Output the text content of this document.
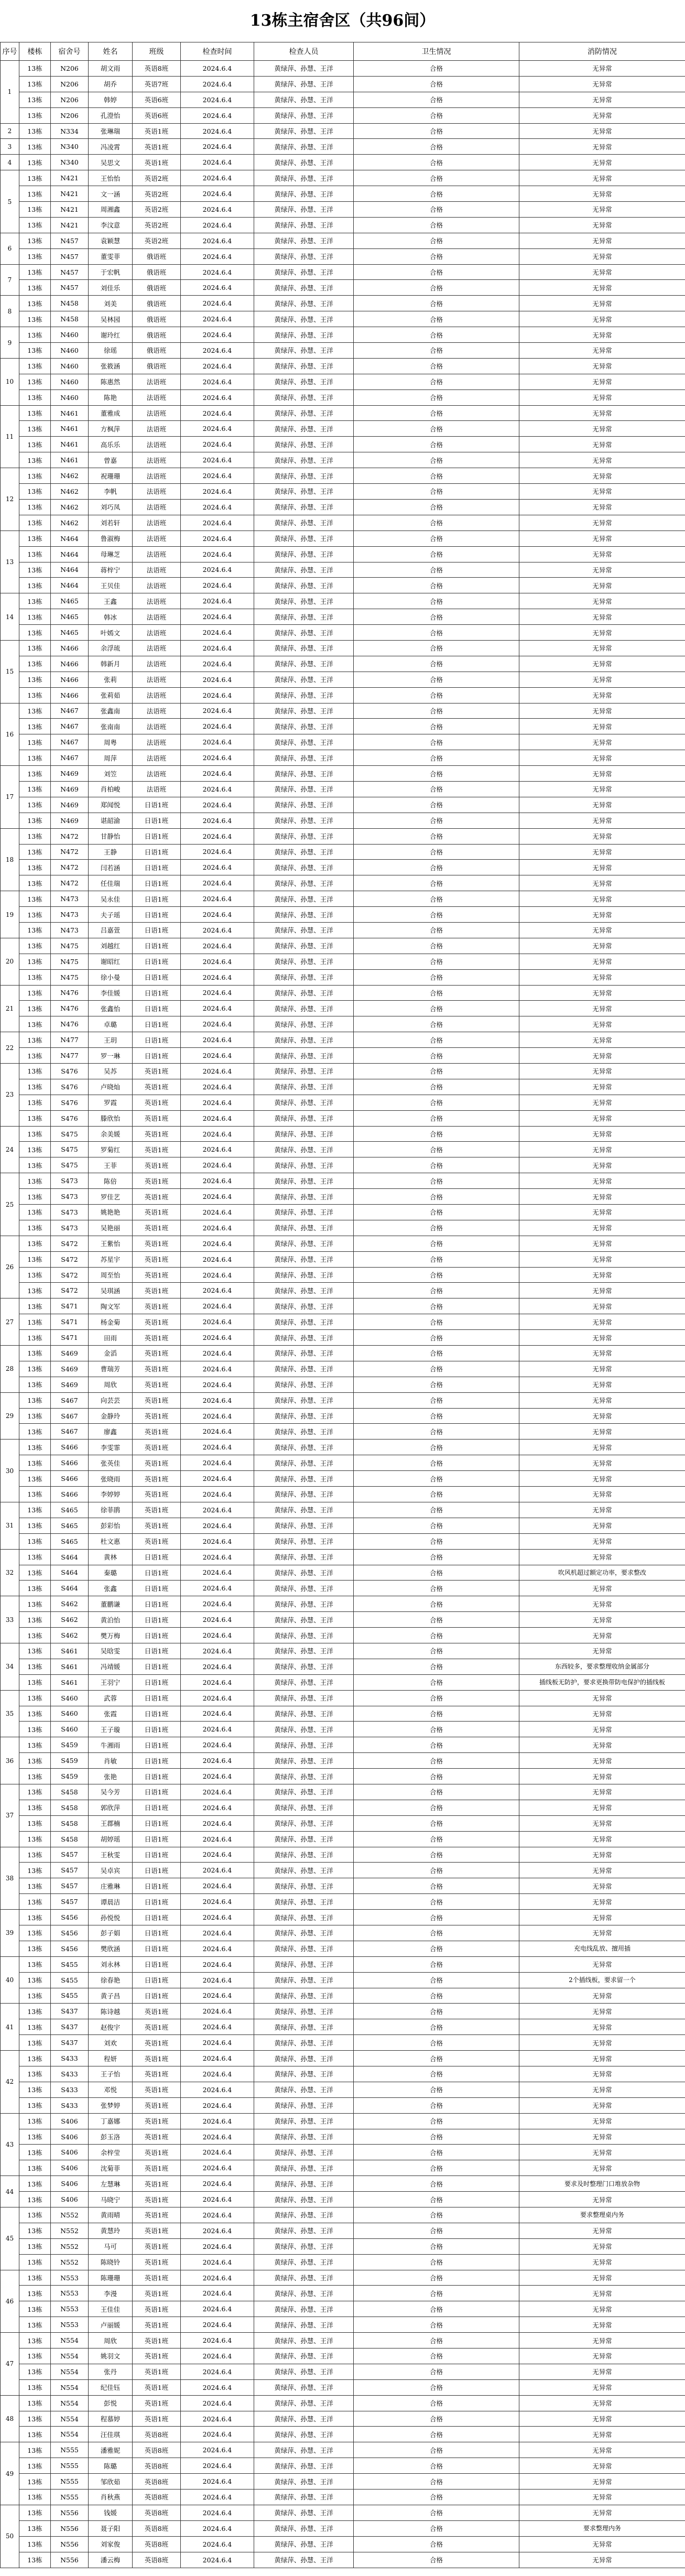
13栋主宿舍区（共96间）
序号	楼栋	宿舍号	姓名	班级	检查时间	检查人员	卫生情况	消防情况
1	13栋	N206	胡文雨	英语8班	2024.6.4	黄绿萍、孙慧、王洋	合格	无异常
	13栋	N206	胡乔	英语7班	2024.6.4	黄绿萍、孙慧、王洋	合格	无异常
	13栋	N206	韩婷	英语6班	2024.6.4	黄绿萍、孙慧、王洋	合格	无异常
	13栋	N206	孔澄怡	英语6班	2024.6.4	黄绿萍、孙慧、王洋	合格	无异常
2	13栋	N334	张琳瑞	英语1班	2024.6.4	黄绿萍、孙慧、王洋	合格	无异常
3	13栋	N340	冯凌霄	英语1班	2024.6.4	黄绿萍、孙慧、王洋	合格	无异常
4	13栋	N340	吴思文	英语1班	2024.6.4	黄绿萍、孙慧、王洋	合格	无异常
5	13栋	N421	王怡怡	英语2班	2024.6.4	黄绿萍、孙慧、王洋	合格	无异常
	13栋	N421	文一涵	英语2班	2024.6.4	黄绿萍、孙慧、王洋	合格	无异常
	13栋	N421	周湘鑫	英语2班	2024.6.4	黄绿萍、孙慧、王洋	合格	无异常
	13栋	N421	李汶意	英语2班	2024.6.4	黄绿萍、孙慧、王洋	合格	无异常
6	13栋	N457	袁颖慧	英语2班	2024.6.4	黄绿萍、孙慧、王洋	合格	无异常
	13栋	N457	董雯菲	俄语班	2024.6.4	黄绿萍、孙慧、王洋	合格	无异常
7	13栋	N457	于宏帆	俄语班	2024.6.4	黄绿萍、孙慧、王洋	合格	无异常
	13栋	N457	刘佳乐	俄语班	2024.6.4	黄绿萍、孙慧、王洋	合格	无异常
8	13栋	N458	刘美	俄语班	2024.6.4	黄绿萍、孙慧、王洋	合格	无异常
	13栋	N458	吴林园	俄语班	2024.6.4	黄绿萍、孙慧、王洋	合格	无异常
9	13栋	N460	谢玲红	俄语班	2024.6.4	黄绿萍、孙慧、王洋	合格	无异常
	13栋	N460	徐瑶	俄语班	2024.6.4	黄绿萍、孙慧、王洋	合格	无异常
10	13栋	N460	张筱涵	俄语班	2024.6.4	黄绿萍、孙慧、王洋	合格	无异常
	13栋	N460	陈惠然	法语班	2024.6.4	黄绿萍、孙慧、王洋	合格	无异常
	13栋	N460	陈艳	法语班	2024.6.4	黄绿萍、孙慧、王洋	合格	无异常
11	13栋	N461	董雅成	法语班	2024.6.4	黄绿萍、孙慧、王洋	合格	无异常
	13栋	N461	方枫萍	法语班	2024.6.4	黄绿萍、孙慧、王洋	合格	无异常
	13栋	N461	高乐乐	法语班	2024.6.4	黄绿萍、孙慧、王洋	合格	无异常
	13栋	N461	曾嘉	法语班	2024.6.4	黄绿萍、孙慧、王洋	合格	无异常
12	13栋	N462	祝珊珊	法语班	2024.6.4	黄绿萍、孙慧、王洋	合格	无异常
	13栋	N462	李帆	法语班	2024.6.4	黄绿萍、孙慧、王洋	合格	无异常
	13栋	N462	刘巧凤	法语班	2024.6.4	黄绿萍、孙慧、王洋	合格	无异常
	13栋	N462	刘若轩	法语班	2024.6.4	黄绿萍、孙慧、王洋	合格	无异常
13	13栋	N464	鲁淑梅	法语班	2024.6.4	黄绿萍、孙慧、王洋	合格	无异常
	13栋	N464	母琳芝	法语班	2024.6.4	黄绿萍、孙慧、王洋	合格	无异常
	13栋	N464	蒋梓宁	法语班	2024.6.4	黄绿萍、孙慧、王洋	合格	无异常
	13栋	N464	王贝佳	法语班	2024.6.4	黄绿萍、孙慧、王洋	合格	无异常
14	13栋	N465	王鑫	法语班	2024.6.4	黄绿萍、孙慧、王洋	合格	无异常
	13栋	N465	韩冰	法语班	2024.6.4	黄绿萍、孙慧、王洋	合格	无异常
	13栋	N465	叶嫣文	法语班	2024.6.4	黄绿萍、孙慧、王洋	合格	无异常
15	13栋	N466	余浮琉	法语班	2024.6.4	黄绿萍、孙慧、王洋	合格	无异常
	13栋	N466	韩新月	法语班	2024.6.4	黄绿萍、孙慧、王洋	合格	无异常
	13栋	N466	张莉	法语班	2024.6.4	黄绿萍、孙慧、王洋	合格	无异常
	13栋	N466	张莉茹	法语班	2024.6.4	黄绿萍、孙慧、王洋	合格	无异常
16	13栋	N467	张鑫南	法语班	2024.6.4	黄绿萍、孙慧、王洋	合格	无异常
	13栋	N467	张南南	法语班	2024.6.4	黄绿萍、孙慧、王洋	合格	无异常
	13栋	N467	周粤	法语班	2024.6.4	黄绿萍、孙慧、王洋	合格	无异常
	13栋	N467	周萍	法语班	2024.6.4	黄绿萍、孙慧、王洋	合格	无异常
17	13栋	N469	刘笠	法语班	2024.6.4	黄绿萍、孙慧、王洋	合格	无异常
	13栋	N469	肖柏峻	法语班	2024.6.4	黄绿萍、孙慧、王洋	合格	无异常
	13栋	N469	郑闻悦	日语1班	2024.6.4	黄绿萍、孙慧、王洋	合格	无异常
	13栋	N469	谌韶渝	日语1班	2024.6.4	黄绿萍、孙慧、王洋	合格	无异常
18	13栋	N472	甘静怡	日语1班	2024.6.4	黄绿萍、孙慧、王洋	合格	无异常
	13栋	N472	王静	日语1班	2024.6.4	黄绿萍、孙慧、王洋	合格	无异常
	13栋	N472	闫若涵	日语1班	2024.6.4	黄绿萍、孙慧、王洋	合格	无异常
	13栋	N472	任佳瑞	日语1班	2024.6.4	黄绿萍、孙慧、王洋	合格	无异常
19	13栋	N473	吴永佳	日语1班	2024.6.4	黄绿萍、孙慧、王洋	合格	无异常
	13栋	N473	夫子瑶	日语1班	2024.6.4	黄绿萍、孙慧、王洋	合格	无异常
	13栋	N473	吕嘉萱	日语1班	2024.6.4	黄绿萍、孙慧、王洋	合格	无异常
20	13栋	N475	刘越红	日语1班	2024.6.4	黄绿萍、孙慧、王洋	合格	无异常
	13栋	N475	谢昭红	日语1班	2024.6.4	黄绿萍、孙慧、王洋	合格	无异常
	13栋	N475	徐小曼	日语1班	2024.6.4	黄绿萍、孙慧、王洋	合格	无异常
21	13栋	N476	李佳媛	日语1班	2024.6.4	黄绿萍、孙慧、王洋	合格	无异常
	13栋	N476	张鑫怡	日语1班	2024.6.4	黄绿萍、孙慧、王洋	合格	无异常
	13栋	N476	卓璐	日语1班	2024.6.4	黄绿萍、孙慧、王洋	合格	无异常
22	13栋	N477	王玥	日语1班	2024.6.4	黄绿萍、孙慧、王洋	合格	无异常
	13栋	N477	罗一琳	日语1班	2024.6.4	黄绿萍、孙慧、王洋	合格	无异常
23	13栋	S476	吴苏	英语1班	2024.6.4	黄绿萍、孙慧、王洋	合格	无异常
	13栋	S476	卢晓灿	英语1班	2024.6.4	黄绿萍、孙慧、王洋	合格	无异常
	13栋	S476	罗霞	英语1班	2024.6.4	黄绿萍、孙慧、王洋	合格	无异常
	13栋	S476	滕欣怡	英语1班	2024.6.4	黄绿萍、孙慧、王洋	合格	无异常
24	13栋	S475	余美媛	英语1班	2024.6.4	黄绿萍、孙慧、王洋	合格	无异常
	13栋	S475	罗菊红	英语1班	2024.6.4	黄绿萍、孙慧、王洋	合格	无异常
	13栋	S475	王菲	英语1班	2024.6.4	黄绿萍、孙慧、王洋	合格	无异常
25	13栋	S473	陈倍	英语1班	2024.6.4	黄绿萍、孙慧、王洋	合格	无异常
	13栋	S473	罗佳艺	英语1班	2024.6.4	黄绿萍、孙慧、王洋	合格	无异常
	13栋	S473	姚艳艳	英语1班	2024.6.4	黄绿萍、孙慧、王洋	合格	无异常
	13栋	S473	吴艳丽	英语1班	2024.6.4	黄绿萍、孙慧、王洋	合格	无异常
26	13栋	S472	王紫怡	英语1班	2024.6.4	黄绿萍、孙慧、王洋	合格	无异常
	13栋	S472	苏星宇	英语1班	2024.6.4	黄绿萍、孙慧、王洋	合格	无异常
	13栋	S472	周至怡	英语1班	2024.6.4	黄绿萍、孙慧、王洋	合格	无异常
	13栋	S472	吴琪涵	英语1班	2024.6.4	黄绿萍、孙慧、王洋	合格	无异常
27	13栋	S471	陶文军	英语1班	2024.6.4	黄绿萍、孙慧、王洋	合格	无异常
	13栋	S471	杨金菊	英语1班	2024.6.4	黄绿萍、孙慧、王洋	合格	无异常
	13栋	S471	田雨	英语1班	2024.6.4	黄绿萍、孙慧、王洋	合格	无异常
28	13栋	S469	金滔	英语1班	2024.6.4	黄绿萍、孙慧、王洋	合格	无异常
	13栋	S469	曹瑞芳	英语1班	2024.6.4	黄绿萍、孙慧、王洋	合格	无异常
	13栋	S469	周欣	英语1班	2024.6.4	黄绿萍、孙慧、王洋	合格	无异常
29	13栋	S467	向芸芸	英语1班	2024.6.4	黄绿萍、孙慧、王洋	合格	无异常
	13栋	S467	金静玲	英语1班	2024.6.4	黄绿萍、孙慧、王洋	合格	无异常
	13栋	S467	廖鑫	英语1班	2024.6.4	黄绿萍、孙慧、王洋	合格	无异常
30	13栋	S466	李雯霏	英语1班	2024.6.4	黄绿萍、孙慧、王洋	合格	无异常
	13栋	S466	张英佳	英语1班	2024.6.4	黄绿萍、孙慧、王洋	合格	无异常
	13栋	S466	张晓雨	英语1班	2024.6.4	黄绿萍、孙慧、王洋	合格	无异常
	13栋	S466	李婷婷	英语1班	2024.6.4	黄绿萍、孙慧、王洋	合格	无异常
31	13栋	S465	徐菲鹃	英语1班	2024.6.4	黄绿萍、孙慧、王洋	合格	无异常
	13栋	S465	彭彩怡	英语1班	2024.6.4	黄绿萍、孙慧、王洋	合格	无异常
	13栋	S465	杜文惠	英语1班	2024.6.4	黄绿萍、孙慧、王洋	合格	无异常
32	13栋	S464	黄林	日语1班	2024.6.4	黄绿萍、孙慧、王洋	合格	无异常
	13栋	S464	秦璐	日语1班	2024.6.4	黄绿萍、孙慧、王洋	合格	吹风机超过额定功率，要求整改
	13栋	S464	张鑫	日语1班	2024.6.4	黄绿萍、孙慧、王洋	合格	无异常
33	13栋	S462	董鹏谦	日语1班	2024.6.4	黄绿萍、孙慧、王洋	合格	无异常
	13栋	S462	黄泊怡	日语1班	2024.6.4	黄绿萍、孙慧、王洋	合格	无异常
	13栋	S462	樊万梅	日语1班	2024.6.4	黄绿萍、孙慧、王洋	合格	无异常
34	13栋	S461	吴晗雯	日语1班	2024.6.4	黄绿萍、孙慧、王洋	合格	无异常
	13栋	S461	冯靖媛	日语1班	2024.6.4	黄绿萍、孙慧、王洋	合格	东西较多，要求整理收纳金属部分
	13栋	S461	王羽宁	日语1班	2024.6.4	黄绿萍、孙慧、王洋	合格	插线板无防护，要求更换带防电保护的插线板
35	13栋	S460	武蓉	日语1班	2024.6.4	黄绿萍、孙慧、王洋	合格	无异常
	13栋	S460	张霞	日语1班	2024.6.4	黄绿萍、孙慧、王洋	合格	无异常
	13栋	S460	王子璇	日语1班	2024.6.4	黄绿萍、孙慧、王洋	合格	无异常
36	13栋	S459	牛湘雨	日语1班	2024.6.4	黄绿萍、孙慧、王洋	合格	无异常
	13栋	S459	肖敏	日语1班	2024.6.4	黄绿萍、孙慧、王洋	合格	无异常
	13栋	S459	张艳	日语1班	2024.6.4	黄绿萍、孙慧、王洋	合格	无异常
37	13栋	S458	吴今芳	日语1班	2024.6.4	黄绿萍、孙慧、王洋	合格	无异常
	13栋	S458	郭欣萍	日语1班	2024.6.4	黄绿萍、孙慧、王洋	合格	无异常
	13栋	S458	王郡楠	日语1班	2024.6.4	黄绿萍、孙慧、王洋	合格	无异常
	13栋	S458	胡婷瑶	日语1班	2024.6.4	黄绿萍、孙慧、王洋	合格	无异常
38	13栋	S457	王秋雯	日语1班	2024.6.4	黄绿萍、孙慧、王洋	合格	无异常
	13栋	S457	吴卓宾	日语1班	2024.6.4	黄绿萍、孙慧、王洋	合格	无异常
	13栋	S457	庄雅琳	日语1班	2024.6.4	黄绿萍、孙慧、王洋	合格	无异常
	13栋	S457	谭晨洁	日语1班	2024.6.4	黄绿萍、孙慧、王洋	合格	无异常
39	13栋	S456	孙悦悦	日语1班	2024.6.4	黄绿萍、孙慧、王洋	合格	无异常
	13栋	S456	彭子娟	日语1班	2024.6.4	黄绿萍、孙慧、王洋	合格	无异常
	13栋	S456	樊欣涵	日语1班	2024.6.4	黄绿萍、孙慧、王洋	合格	充电线乱放、擅用插
40	13栋	S455	刘永林	日语1班	2024.6.4	黄绿萍、孙慧、王洋	合格	无异常
	13栋	S455	徐春艳	日语1班	2024.6.4	黄绿萍、孙慧、王洋	合格	2个插线板，要求留一个
	13栋	S455	黄子昌	日语1班	2024.6.4	黄绿萍、孙慧、王洋	合格	无异常
41	13栋	S437	陈诗越	英语1班	2024.6.4	黄绿萍、孙慧、王洋	合格	无异常
	13栋	S437	赵俊宇	英语1班	2024.6.4	黄绿萍、孙慧、王洋	合格	无异常
	13栋	S437	刘欢	英语1班	2024.6.4	黄绿萍、孙慧、王洋	合格	无异常
42	13栋	S433	程妍	英语1班	2024.6.4	黄绿萍、孙慧、王洋	合格	无异常
	13栋	S433	王子怡	英语1班	2024.6.4	黄绿萍、孙慧、王洋	合格	无异常
	13栋	S433	邓悦	英语1班	2024.6.4	黄绿萍、孙慧、王洋	合格	无异常
	13栋	S433	张梦婷	英语1班	2024.6.4	黄绿萍、孙慧、王洋	合格	无异常
43	13栋	S406	丁嘉娜	英语1班	2024.6.4	黄绿萍、孙慧、王洋	合格	无异常
	13栋	S406	彭玉洛	英语1班	2024.6.4	黄绿萍、孙慧、王洋	合格	无异常
	13栋	S406	余梓莹	英语1班	2024.6.4	黄绿萍、孙慧、王洋	合格	无异常
	13栋	S406	沈菊菲	英语1班	2024.6.4	黄绿萍、孙慧、王洋	合格	无异常
44	13栋	S406	左慧琳	英语1班	2024.6.4	黄绿萍、孙慧、王洋	合格	要求及时整理门口堆放杂物
	13栋	S406	马晓宁	英语1班	2024.6.4	黄绿萍、孙慧、王洋	合格	无异常
45	13栋	N552	黄雨晴	英语1班	2024.6.4	黄绿萍、孙慧、王洋	合格	要求整理桌内务
	13栋	N552	黄慧玲	英语1班	2024.6.4	黄绿萍、孙慧、王洋	合格	无异常
	13栋	N552	马可	英语1班	2024.6.4	黄绿萍、孙慧、王洋	合格	无异常
	13栋	N552	陈晓铃	英语1班	2024.6.4	黄绿萍、孙慧、王洋	合格	无异常
46	13栋	N553	陈珊珊	英语1班	2024.6.4	黄绿萍、孙慧、王洋	合格	无异常
	13栋	N553	李漫	英语1班	2024.6.4	黄绿萍、孙慧、王洋	合格	无异常
	13栋	N553	王佳佳	英语1班	2024.6.4	黄绿萍、孙慧、王洋	合格	无异常
	13栋	N553	卢丽媛	英语1班	2024.6.4	黄绿萍、孙慧、王洋	合格	无异常
47	13栋	N554	周欣	英语1班	2024.6.4	黄绿萍、孙慧、王洋	合格	无异常
	13栋	N554	姚羽文	英语1班	2024.6.4	黄绿萍、孙慧、王洋	合格	无异常
	13栋	N554	张丹	英语1班	2024.6.4	黄绿萍、孙慧、王洋	合格	无异常
	13栋	N554	纪佳钰	英语1班	2024.6.4	黄绿萍、孙慧、王洋	合格	无异常
48	13栋	N554	彭悦	英语1班	2024.6.4	黄绿萍、孙慧、王洋	合格	无异常
	13栋	N554	程慕婷	英语1班	2024.6.4	黄绿萍、孙慧、王洋	合格	无异常
	13栋	N554	汪佳琪	英语8班	2024.6.4	黄绿萍、孙慧、王洋	合格	无异常
49	13栋	N555	潘雅妮	英语8班	2024.6.4	黄绿萍、孙慧、王洋	合格	无异常
	13栋	N555	陈璐	英语8班	2024.6.4	黄绿萍、孙慧、王洋	合格	无异常
	13栋	N555	邹欣茹	英语8班	2024.6.4	黄绿萍、孙慧、王洋	合格	无异常
	13栋	N555	肖秋燕	英语8班	2024.6.4	黄绿萍、孙慧、王洋	合格	无异常
50	13栋	N556	钱媛	英语8班	2024.6.4	黄绿萍、孙慧、王洋	合格	无异常
	13栋	N556	聂子阳	英语8班	2024.6.4	黄绿萍、孙慧、王洋	合格	要求整理内务
	13栋	N556	刘家俊	英语8班	2024.6.4	黄绿萍、孙慧、王洋	合格	无异常
	13栋	N556	潘云梅	英语8班	2024.6.4	黄绿萍、孙慧、王洋	合格	无异常
